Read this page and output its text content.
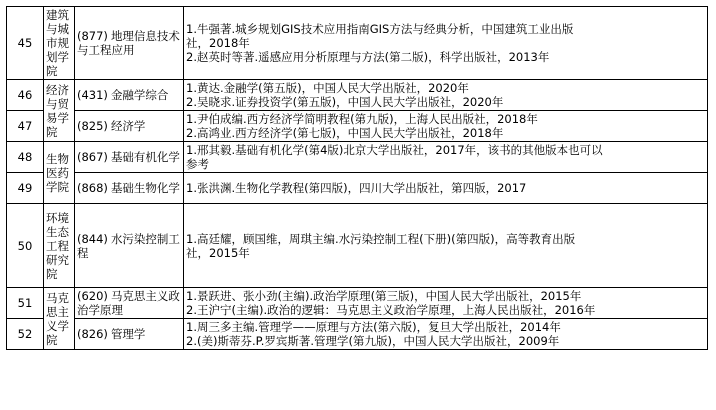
45	建筑与城市规划学院	(877) 地理信息技术与工程应用	1.牛强著.城乡规划GIS技术应用指南GIS方法与经典分析，中国建筑工业出版
社，2018年
2.赵英时等著.遥感应用分析原理与方法(第二版)，科学出版社，2013年

46	经济与贸易学院	(431) 金融学综合	1.黄达.金融学(第五版)，中国人民大学出版社，2020年
2.吴晓求.证券投资学(第五版)，中国人民大学出版社，2020年

47		(825) 经济学	1.尹伯成编.西方经济学简明教程(第九版)，上海人民出版社，2018年
2.高鸿业.西方经济学(第七版)，中国人民大学出版社，2018年

48	生物医药学院	(867) 基础有机化学	1.邢其毅.基础有机化学(第4版)北京大学出版社，2017年，该书的其他版本也可以
参考

49		(868) 基础生物化学	1.张洪渊.生物化学教程(第四版)，四川大学出版社，第四版，2017

50	环境生态工程研究院	(844) 水污染控制工程	1.高廷耀，顾国维，周琪主编.水污染控制工程(下册)(第四版)，高等教育出版
社，2015年

51	马克思主义学院	(620) 马克思主义政治学原理	1.景跃进、张小劲(主编).政治学原理(第三版)，中国人民大学出版社，2015年
2.王沪宁(主编).政治的逻辑：马克思主义政治学原理，上海人民出版社，2016年

52		(826) 管理学	1.周三多主编.管理学——原理与方法(第六版)，复旦大学出版社，2014年
2.(美)斯蒂芬.P.罗宾斯著.管理学(第九版)，中国人民大学出版社，2009年
